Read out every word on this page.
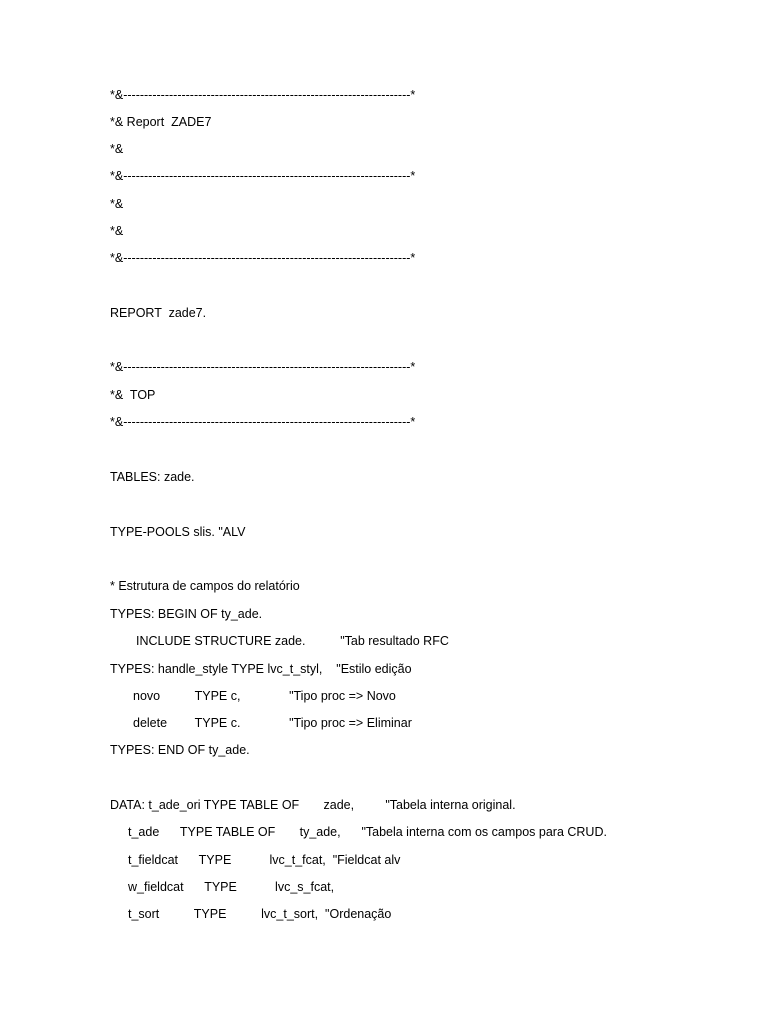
*&---------------------------------------------------------------------*
*& Report  ZADE7
*&
*&---------------------------------------------------------------------*
*&
*&
*&---------------------------------------------------------------------*
REPORT  zade7.
*&---------------------------------------------------------------------*
*&  TOP
*&---------------------------------------------------------------------*
TABLES: zade.
TYPE-POOLS slis. "ALV
* Estrutura de campos do relatório
TYPES: BEGIN OF ty_ade.
INCLUDE STRUCTURE zade.          "Tab resultado RFC
TYPES: handle_style TYPE lvc_t_styl,    "Estilo edição
novo          TYPE c,              "Tipo proc => Novo
delete        TYPE c.              "Tipo proc => Eliminar
TYPES: END OF ty_ade.
DATA: t_ade_ori TYPE TABLE OF       zade,         "Tabela interna original.
t_ade      TYPE TABLE OF       ty_ade,      "Tabela interna com os campos para CRUD.
t_fieldcat      TYPE           lvc_t_fcat,  "Fieldcat alv
w_fieldcat      TYPE           lvc_s_fcat,
t_sort          TYPE          lvc_t_sort,  "Ordenação
